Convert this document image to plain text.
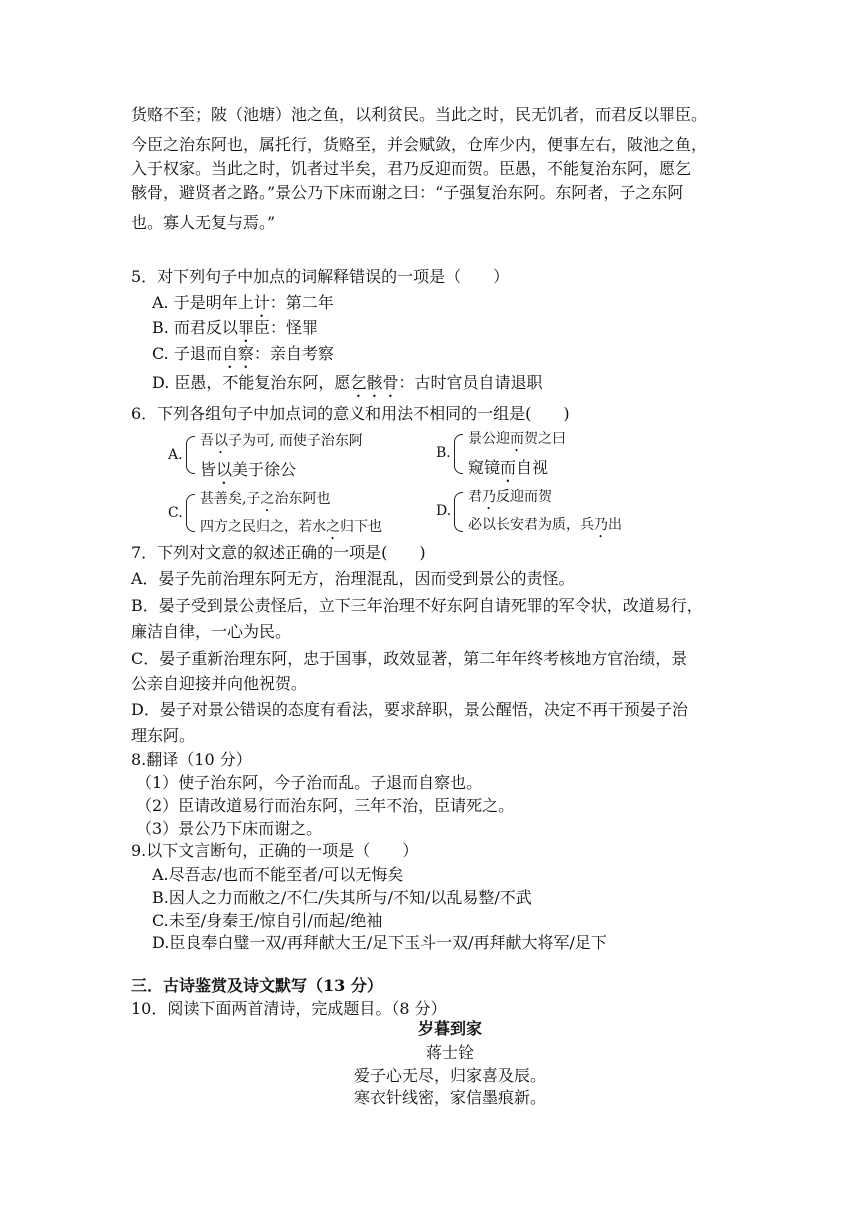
货赂不至；陂（池塘）池之鱼，以利贫民。当此之时，民无饥者，而君反以罪臣。
今臣之治东阿也，属托行，货赂至，并会赋敛，仓库少内，便事左右，陂池之鱼，
入于权家。当此之时，饥者过半矣，君乃反迎而贺。臣愚，不能复治东阿，愿乞
骸骨，避贤者之路。”景公乃下床而谢之曰：“子强复治东阿。东阿者，子之东阿
也。寡人无复与焉。”
5．对下列句子中加点的词解释错误的一项是（　　）
A. 于是明年上计：第二年
B. 而君反以罪臣：怪罪
C. 子退而自察：亲自考察
D. 臣愚，不能复治东阿，愿乞骸骨：古时官员自请退职
6．下列各组句子中加点词的意义和用法不相同的一组是(　　)
A.
吾以子为可, 而使子治东阿
皆以美于徐公
B.
景公迎而贺之曰
窥镜而自视
C.
甚善矣,子之治东阿也
四方之民归之，若水之归下也
D.
君乃反迎而贺
必以长安君为质，兵乃出
7．下列对文意的叙述正确的一项是(　　)
A．晏子先前治理东阿无方，治理混乱，因而受到景公的责怪。
B．晏子受到景公责怪后，立下三年治理不好东阿自请死罪的军令状，改道易行，
廉洁自律，一心为民。
C．晏子重新治理东阿，忠于国事，政效显著，第二年年终考核地方官治绩，景
公亲自迎接并向他祝贺。
D．晏子对景公错误的态度有看法，要求辞职，景公醒悟，决定不再干预晏子治
理东阿。
8.翻译（10 分）
（1）使子治东阿，今子治而乱。子退而自察也。
（2）臣请改道易行而治东阿，三年不治，臣请死之。
（3）景公乃下床而谢之。
9.以下文言断句，正确的一项是（　　）
A.尽吾志/也而不能至者/可以无悔矣
B.因人之力而敝之/不仁/失其所与/不知/以乱易整/不武
C.未至/身秦王/惊自引/而起/绝袖
D.臣良奉白璧一双/再拜献大王/足下玉斗一双/再拜献大将军/足下
三．古诗鉴赏及诗文默写（13 分）
10．阅读下面两首清诗，完成题目。（8 分）
岁暮到家
蒋士铨
爱子心无尽，归家喜及辰。
寒衣针线密，家信墨痕新。
